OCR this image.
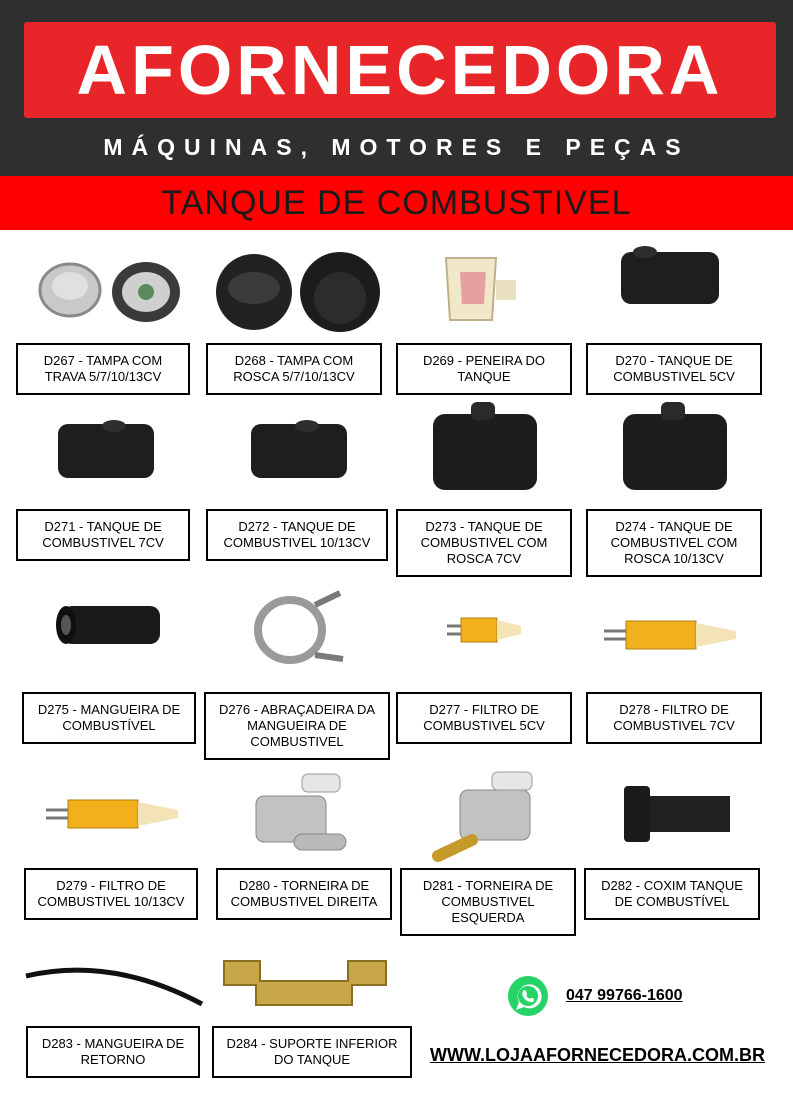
AFORNECEDORA
MÁQUINAS, MOTORES E PEÇAS
TANQUE DE COMBUSTIVEL
D267 - TAMPA COM TRAVA 5/7/10/13CV
D268 - TAMPA COM ROSCA 5/7/10/13CV
D269 - PENEIRA DO TANQUE
D270 - TANQUE DE COMBUSTIVEL 5CV
D271 - TANQUE DE COMBUSTIVEL 7CV
D272 - TANQUE DE COMBUSTIVEL 10/13CV
D273 - TANQUE DE COMBUSTIVEL COM ROSCA 7CV
D274 - TANQUE DE COMBUSTIVEL COM ROSCA 10/13CV
D275 - MANGUEIRA DE COMBUSTÍVEL
D276 - ABRAÇADEIRA DA MANGUEIRA DE COMBUSTIVEL
D277 - FILTRO DE COMBUSTIVEL 5CV
D278 - FILTRO DE COMBUSTIVEL 7CV
D279 - FILTRO DE COMBUSTIVEL 10/13CV
D280 - TORNEIRA DE COMBUSTIVEL DIREITA
D281 - TORNEIRA DE COMBUSTIVEL ESQUERDA
D282 - COXIM TANQUE DE COMBUSTÍVEL
D283 - MANGUEIRA DE RETORNO
D284 - SUPORTE INFERIOR DO TANQUE
047 99766-1600
WWW.LOJAAFORNECEDORA.COM.BR
